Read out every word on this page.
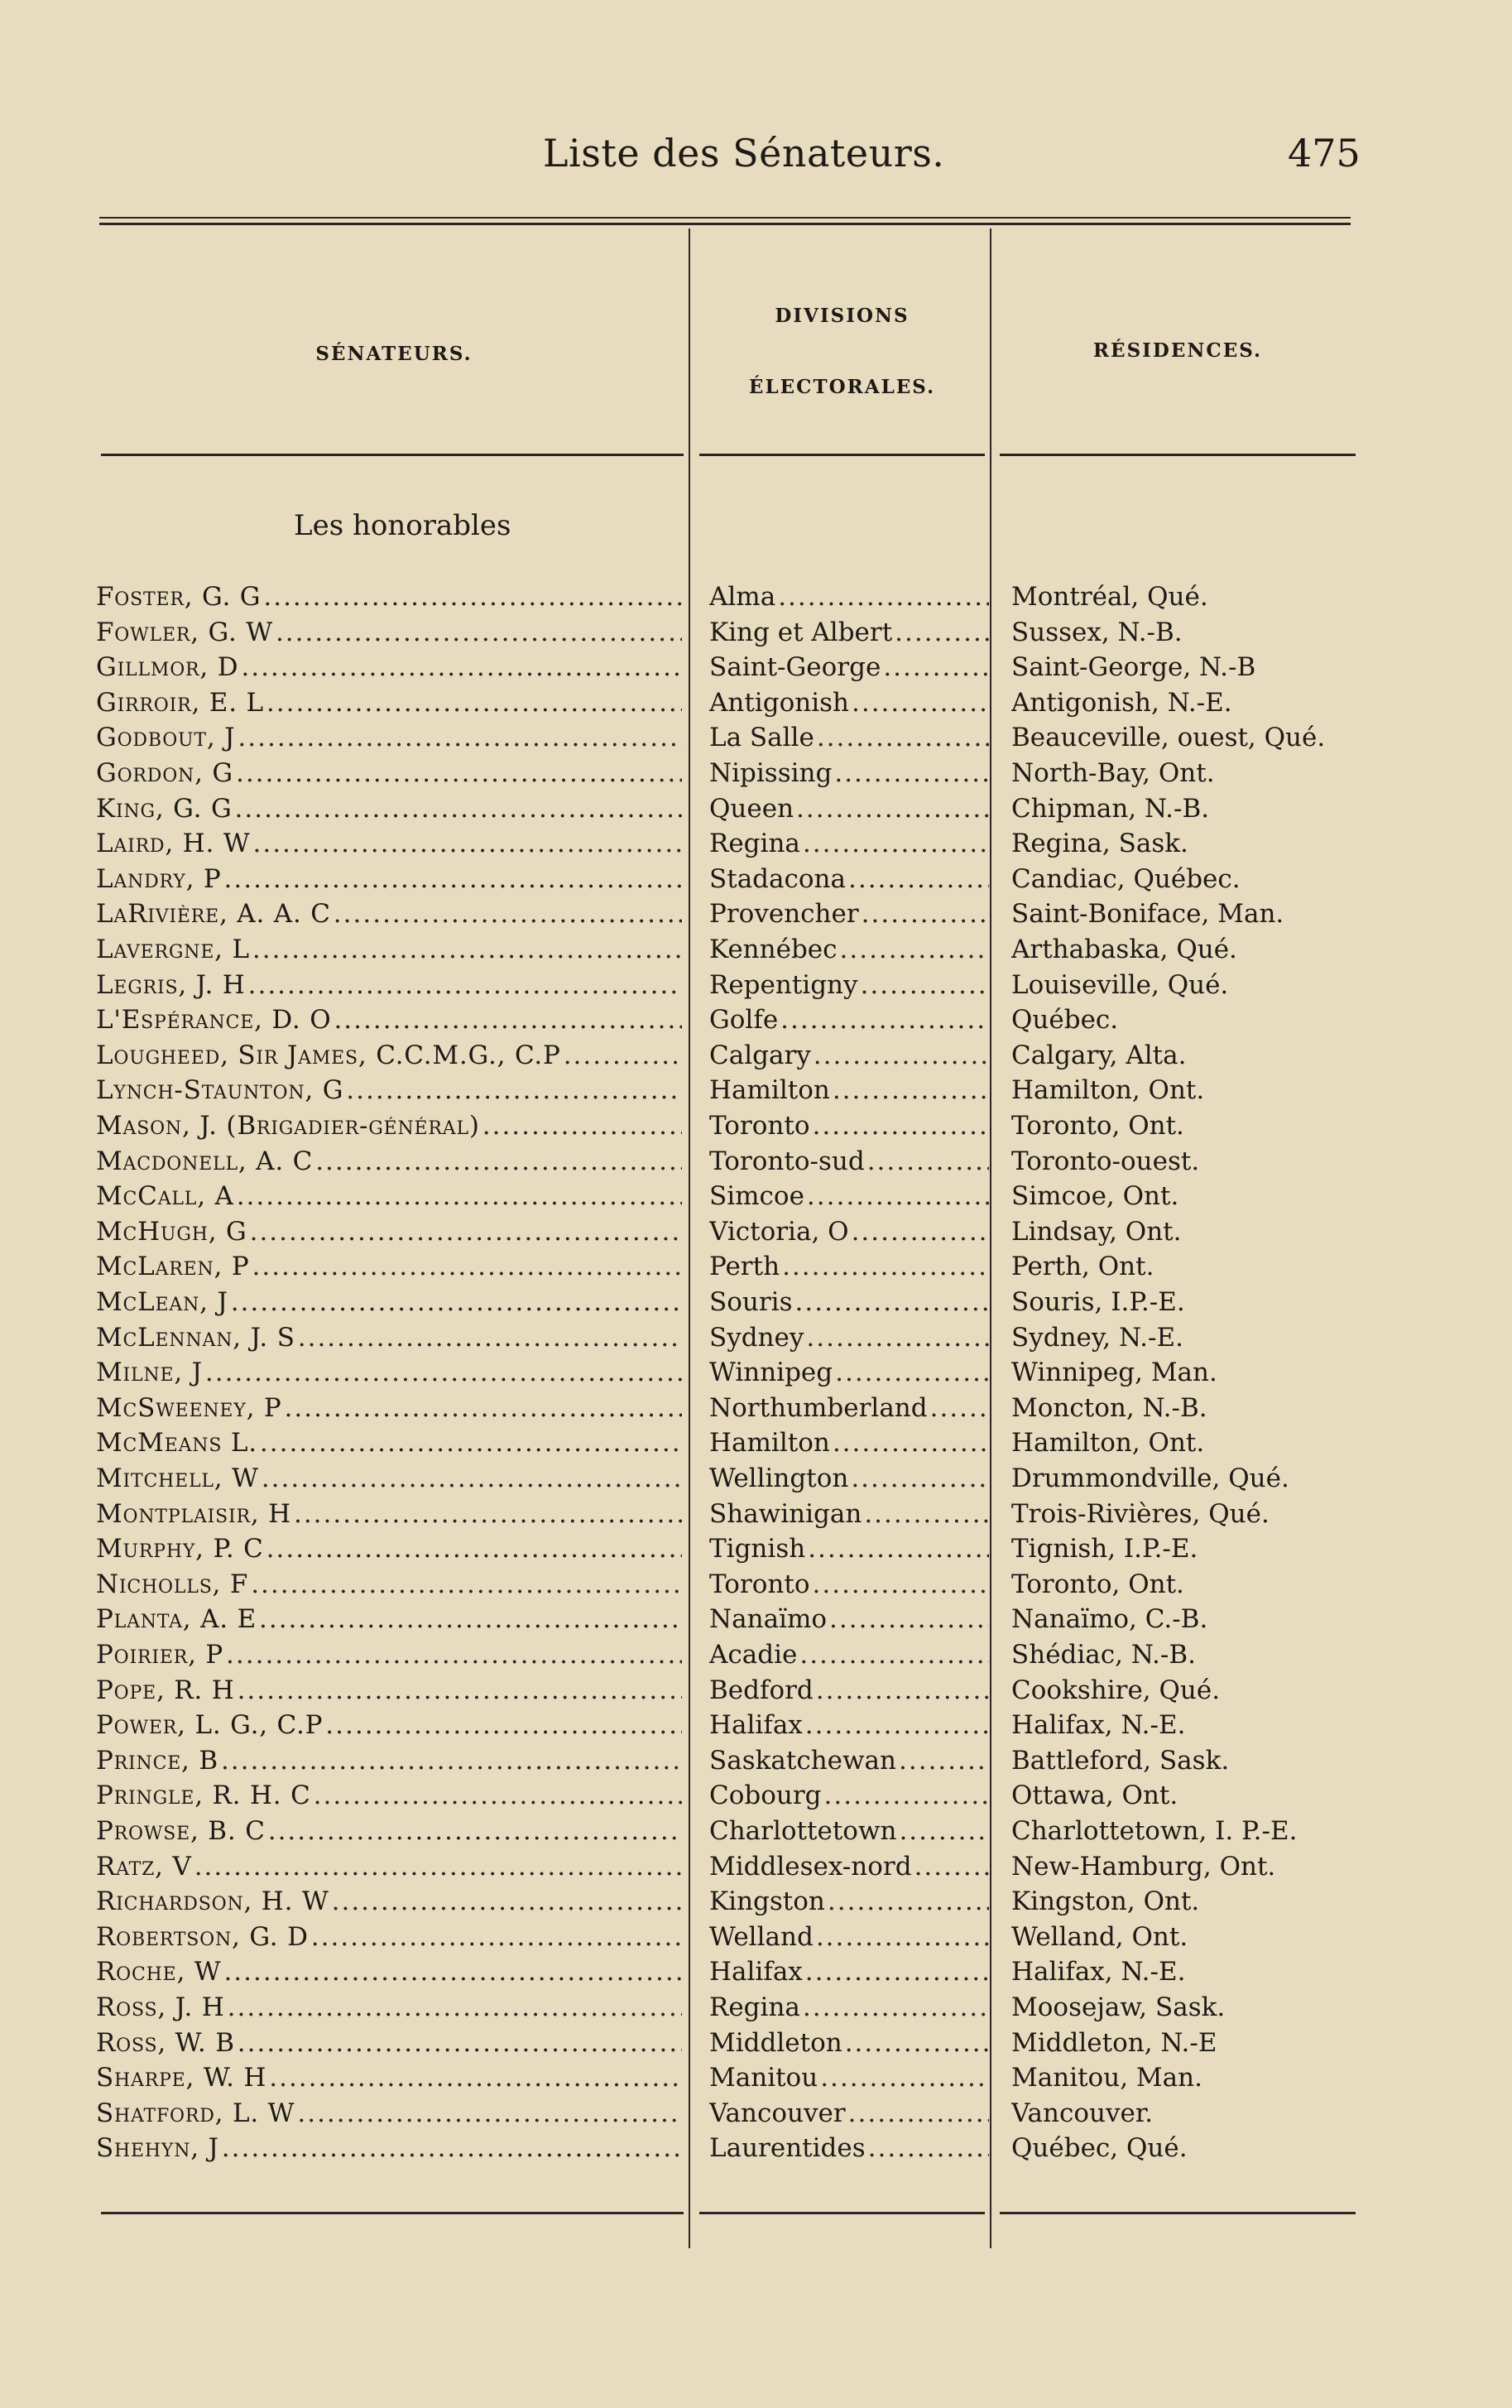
Liste des Sénateurs.	475
SÉNATEURS.
DIVISIONS
ÉLECTORALES.
RÉSIDENCES.
Les honorables
Foster, G. G .....	Alma .....	Montréal, Qué.
Fowler, G. W .....	King et Albert .....	Sussex, N.-B.
Gillmor, D .....	Saint-George .....	Saint-George, N.-B
Girroir, E. L .....	Antigonish .....	Antigonish, N.-E.
Godbout, J .....	La Salle .....	Beauceville, ouest, Qué.
Gordon, G .....	Nipissing .....	North-Bay, Ont.
King, G. G .....	Queen .....	Chipman, N.-B.
Laird, H. W .....	Regina .....	Regina, Sask.
Landry, P .....	Stadacona .....	Candiac, Québec.
LaRivière, A. A. C .....	Provencher .....	Saint-Boniface, Man.
Lavergne, L .....	Kennébec .....	Arthabaska, Qué.
Legris, J. H .....	Repentigny .....	Louiseville, Qué.
L'Espérance, D. O .....	Golfe .....	Québec.
Lougheed, Sir James, C.C.M.G., C.P .....	Calgary .....	Calgary, Alta.
Lynch-Staunton, G .....	Hamilton .....	Hamilton, Ont.
Mason, J. (Brigadier-général) .....	Toronto .....	Toronto, Ont.
Macdonell, A. C .....	Toronto-sud .....	Toronto-ouest.
McCall, A .....	Simcoe .....	Simcoe, Ont.
McHugh, G .....	Victoria, O .....	Lindsay, Ont.
McLaren, P .....	Perth .....	Perth, Ont.
McLean, J .....	Souris .....	Souris, I.P.-E.
McLennan, J. S .....	Sydney .....	Sydney, N.-E.
Milne, J .....	Winnipeg .....	Winnipeg, Man.
McSweeney, P .....	Northumberland .....	Moncton, N.-B.
McMeans L. .....	Hamilton .....	Hamilton, Ont.
Mitchell, W .....	Wellington .....	Drummondville, Qué.
Montplaisir, H .....	Shawinigan .....	Trois-Rivières, Qué.
Murphy, P. C .....	Tignish .....	Tignish, I.P.-E.
Nicholls, F .....	Toronto .....	Toronto, Ont.
Planta, A. E .....	Nanaïmo .....	Nanaïmo, C.-B.
Poirier, P .....	Acadie .....	Shédiac, N.-B.
Pope, R. H .....	Bedford .....	Cookshire, Qué.
Power, L. G., C.P .....	Halifax .....	Halifax, N.-E.
Prince, B .....	Saskatchewan .....	Battleford, Sask.
Pringle, R. H. C .....	Cobourg .....	Ottawa, Ont.
Prowse, B. C .....	Charlottetown .....	Charlottetown, I. P.-E.
Ratz, V .....	Middlesex-nord .....	New-Hamburg, Ont.
Richardson, H. W .....	Kingston .....	Kingston, Ont.
Robertson, G. D .....	Welland .....	Welland, Ont.
Roche, W .....	Halifax .....	Halifax, N.-E.
Ross, J. H .....	Regina .....	Moosejaw, Sask.
Ross, W. B .....	Middleton .....	Middleton, N.-E
Sharpe, W. H .....	Manitou .....	Manitou, Man.
Shatford, L. W .....	Vancouver .....	Vancouver.
Shehyn, J .....	Laurentides .....	Québec, Qué.
